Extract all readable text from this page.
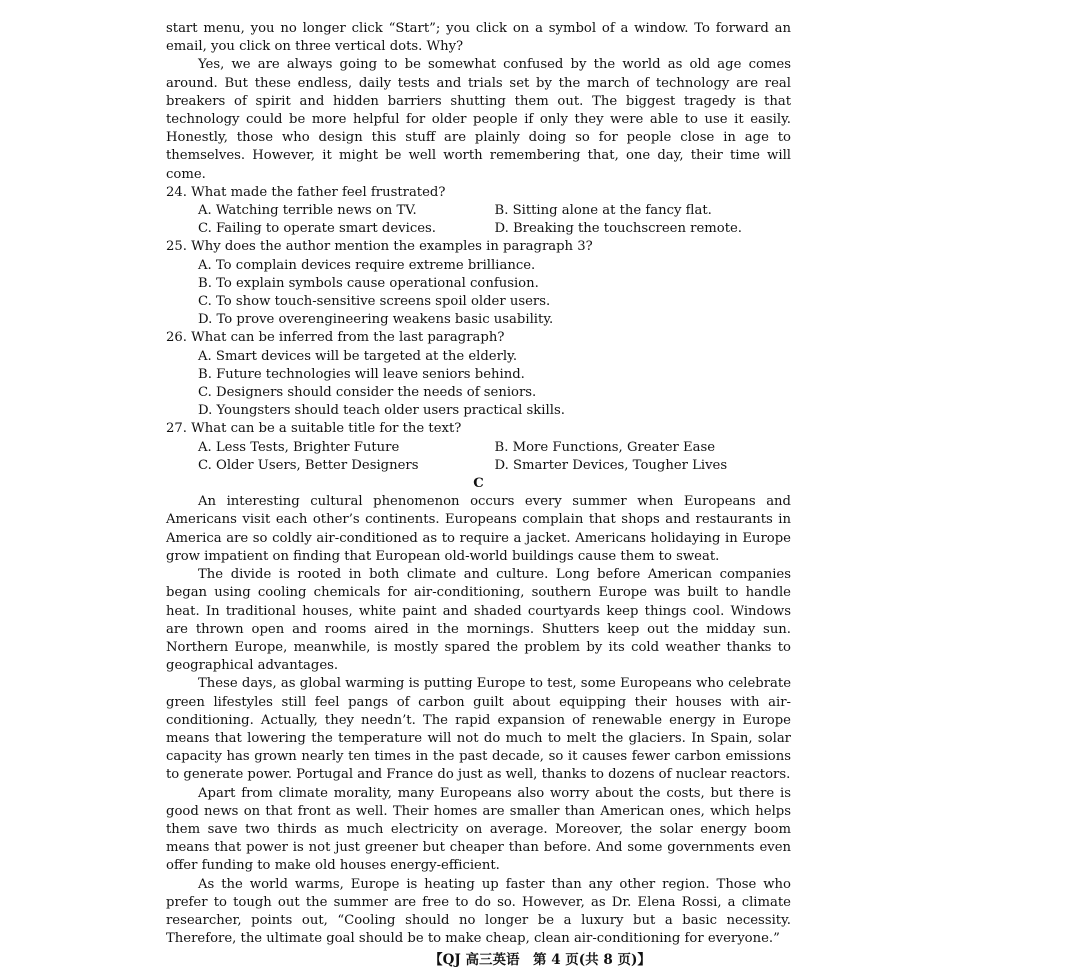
start menu, you no longer click “Start”; you click on a symbol of a window. To forward an email, you click on three vertical dots. Why?

Yes, we are always going to be somewhat confused by the world as old age comes around. But these endless, daily tests and trials set by the march of technology are real breakers of spirit and hidden barriers shutting them out. The biggest tragedy is that technology could be more helpful for older people if only they were able to use it easily. Honestly, those who design this stuff are plainly doing so for people close in age to themselves. However, it might be well worth remembering that, one day, their time will come.

24. What made the father feel frustrated?

A. Watching terrible news on TV.	B. Sitting alone at the fancy flat.

C. Failing to operate smart devices.	D. Breaking the touchscreen remote.

25. Why does the author mention the examples in paragraph 3?

A. To complain devices require extreme brilliance.

B. To explain symbols cause operational confusion.

C. To show touch-sensitive screens spoil older users.

D. To prove overengineering weakens basic usability.

26. What can be inferred from the last paragraph?

A. Smart devices will be targeted at the elderly.

B. Future technologies will leave seniors behind.

C. Designers should consider the needs of seniors.

D. Youngsters should teach older users practical skills.

27. What can be a suitable title for the text?

A. Less Tests, Brighter Future	B. More Functions, Greater Ease

C. Older Users, Better Designers	D. Smarter Devices, Tougher Lives

C

An interesting cultural phenomenon occurs every summer when Europeans and Americans visit each other’s continents. Europeans complain that shops and restaurants in America are so coldly air-conditioned as to require a jacket. Americans holidaying in Europe grow impatient on finding that European old-world buildings cause them to sweat.

The divide is rooted in both climate and culture. Long before American companies began using cooling chemicals for air-conditioning, southern Europe was built to handle heat. In traditional houses, white paint and shaded courtyards keep things cool. Windows are thrown open and rooms aired in the mornings. Shutters keep out the midday sun. Northern Europe, meanwhile, is mostly spared the problem by its cold weather thanks to geographical advantages.

These days, as global warming is putting Europe to test, some Europeans who celebrate green lifestyles still feel pangs of carbon guilt about equipping their houses with air-conditioning. Actually, they needn’t. The rapid expansion of renewable energy in Europe means that lowering the temperature will not do much to melt the glaciers. In Spain, solar capacity has grown nearly ten times in the past decade, so it causes fewer carbon emissions to generate power. Portugal and France do just as well, thanks to dozens of nuclear reactors.

Apart from climate morality, many Europeans also worry about the costs, but there is good news on that front as well. Their homes are smaller than American ones, which helps them save two thirds as much electricity on average. Moreover, the solar energy boom means that power is not just greener but cheaper than before. And some governments even offer funding to make old houses energy-efficient.

As the world warms, Europe is heating up faster than any other region. Those who prefer to tough out the summer are free to do so. However, as Dr. Elena Rossi, a climate researcher, points out, “Cooling should no longer be a luxury but a basic necessity. Therefore, the ultimate goal should be to make cheap, clean air-conditioning for everyone.”

【QJ 高三英语　第 4 页(共 8 页)】
